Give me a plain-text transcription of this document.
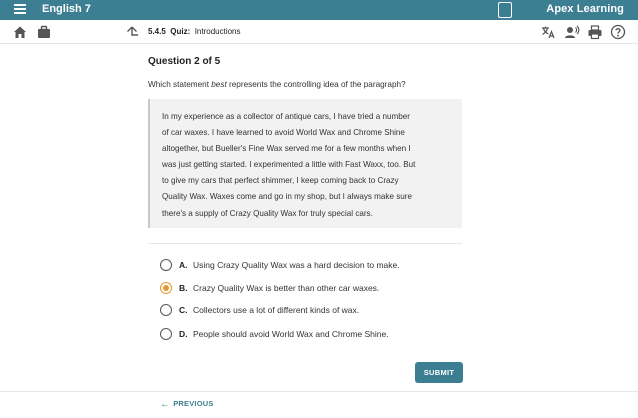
English 7	Apex Learning
5.4.5 Quiz: Introductions
Question 2 of 5
Which statement best represents the controlling idea of the paragraph?
In my experience as a collector of antique cars, I have tried a number
of car waxes. I have learned to avoid World Wax and Chrome Shine
altogether, but Bueller's Fine Wax served me for a few months when I
was just getting started. I experimented a little with Fast Waxx, too. But
to give my cars that perfect shimmer, I keep coming back to Crazy
Quality Wax. Waxes come and go in my shop, but I always make sure
there's a supply of Crazy Quality Wax for truly special cars.
A. Using Crazy Quality Wax was a hard decision to make.
B. Crazy Quality Wax is better than other car waxes.
C. Collectors use a lot of different kinds of wax.
D. People should avoid World Wax and Chrome Shine.
SUBMIT
← PREVIOUS
